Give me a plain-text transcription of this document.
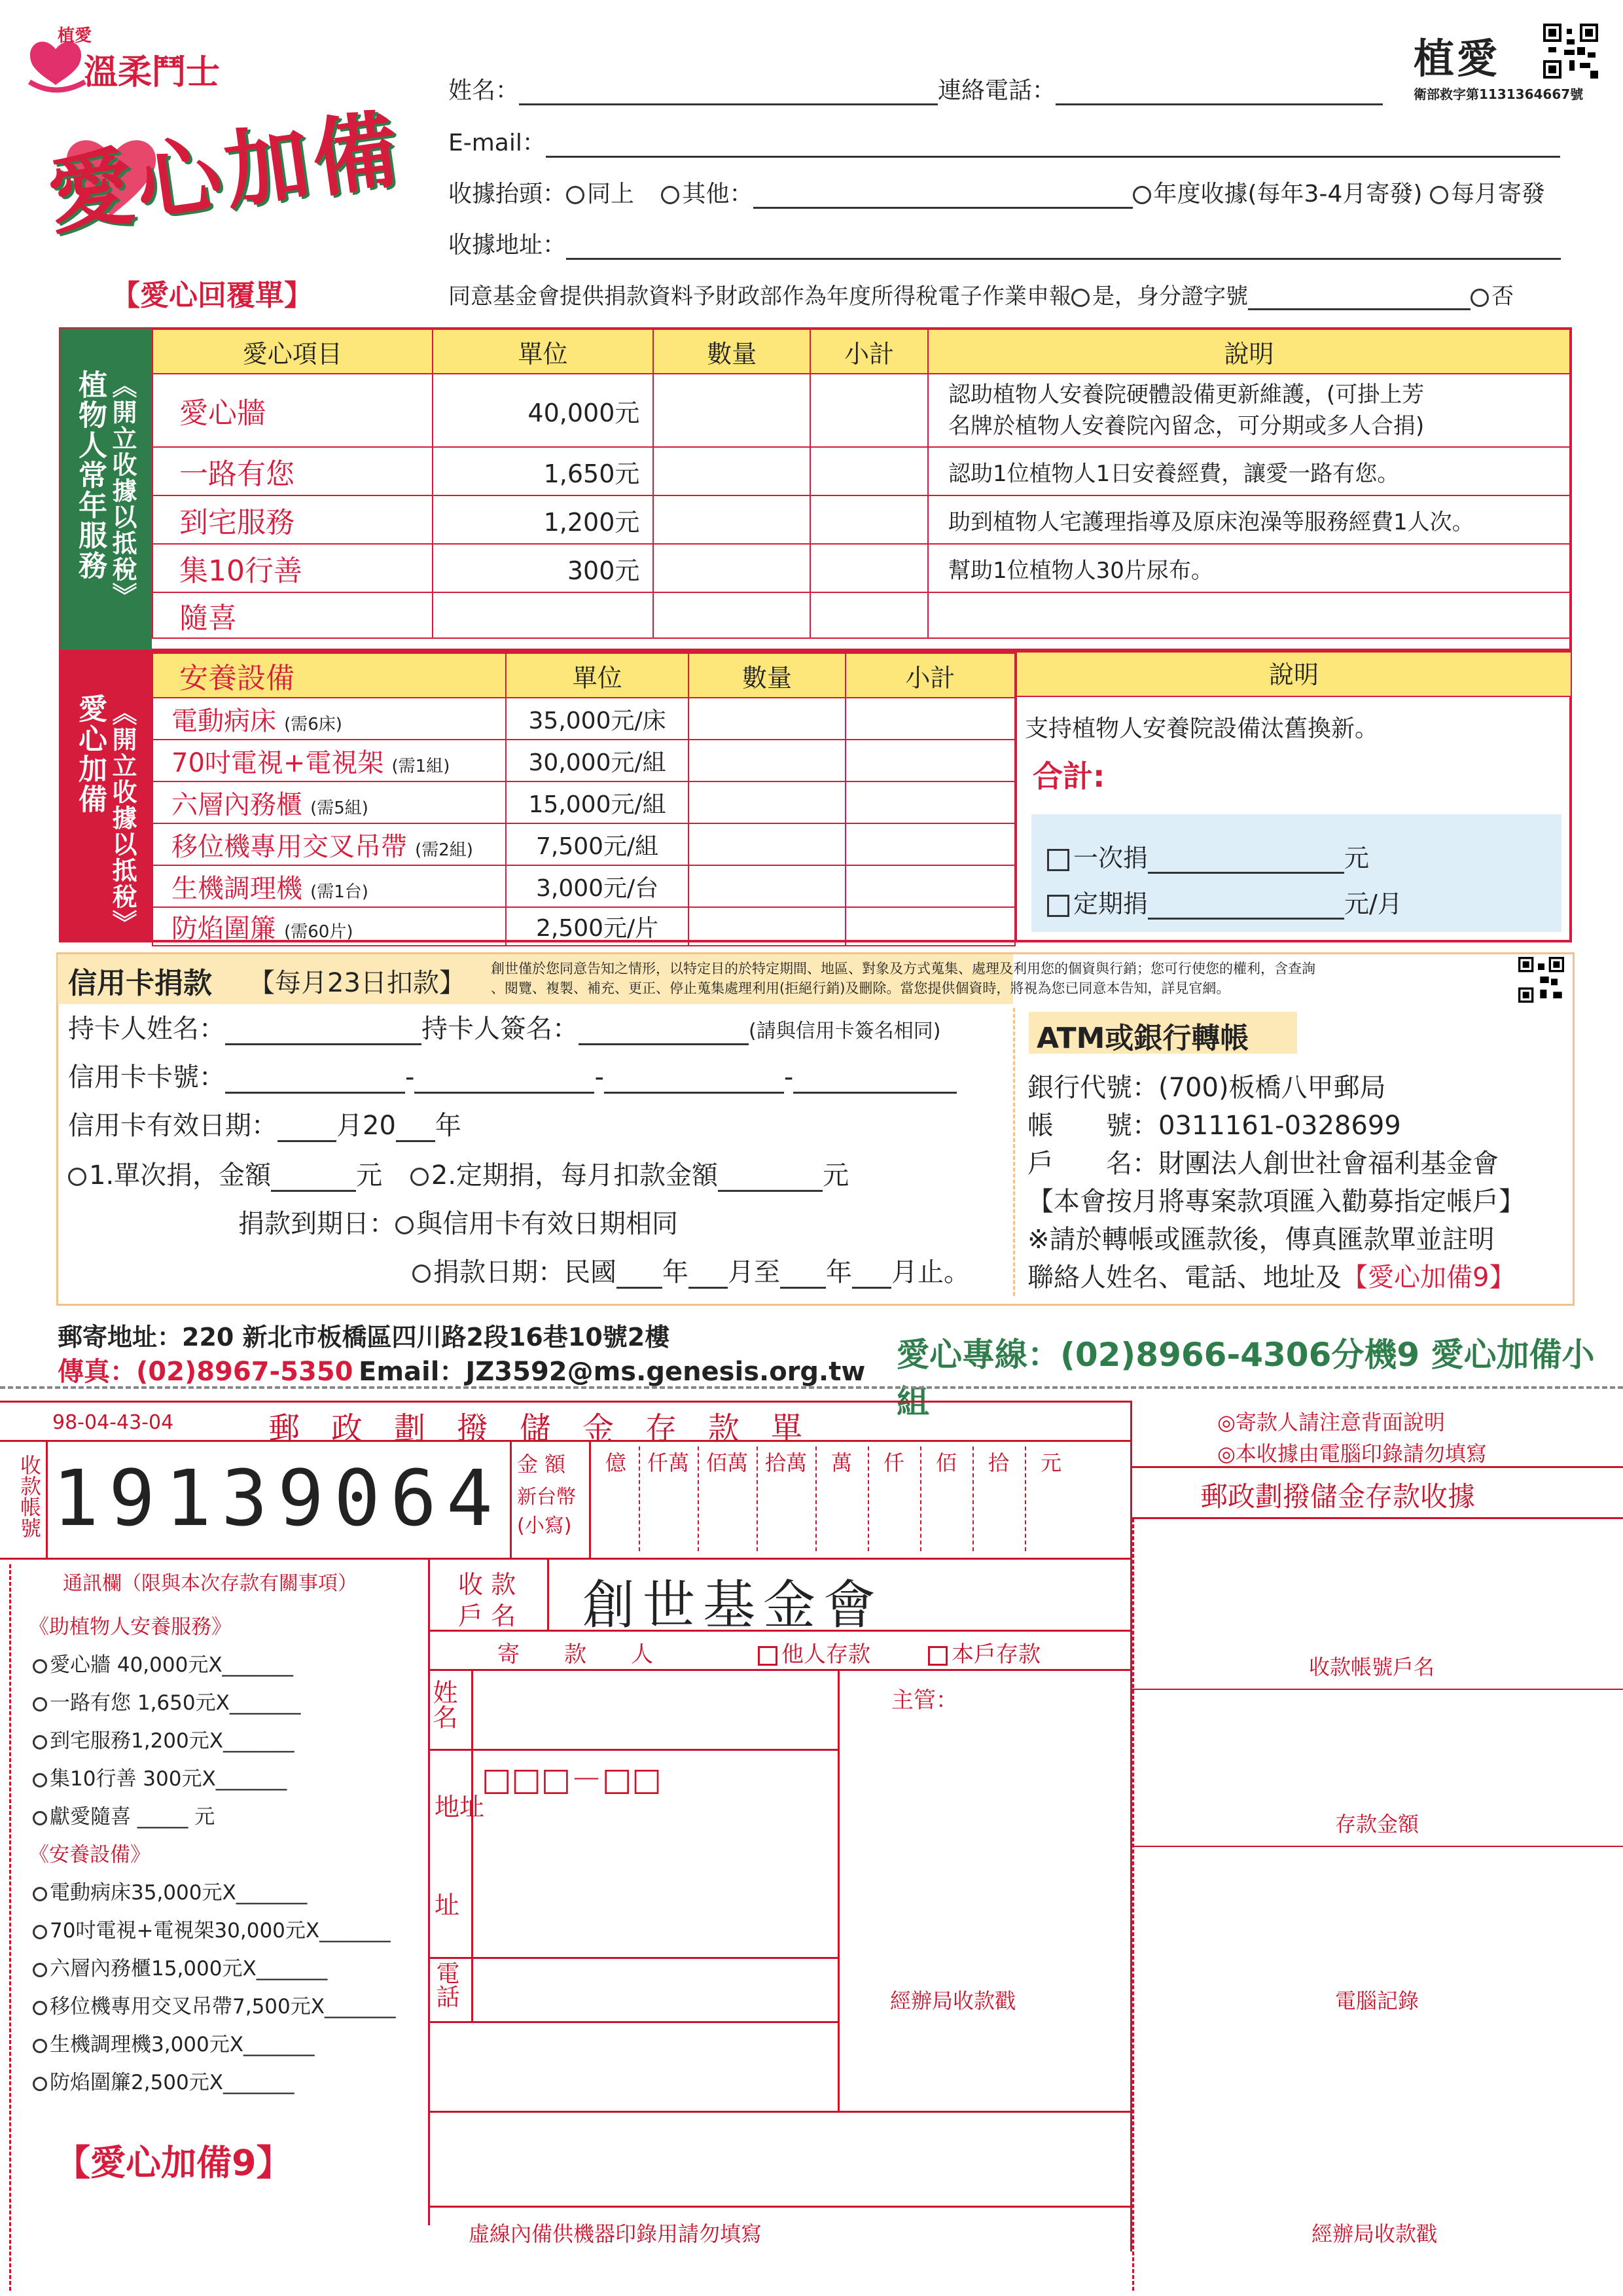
植愛
溫柔鬥士
愛心加備
【愛心回覆單】
姓名：	連絡電話：
E-mail：
收據抬頭： 同上 其他：	年度收據(每年3-4月寄發) 每月寄發
收據地址：
同意基金會提供捐款資料予財政部作為年度所得稅電子作業申報 是，身分證字號	否
植愛
衛部救字第1131364667號
植物人常年服務 《開立收據以抵稅》
愛心項目	單位	數量	小計	說明
愛心牆	40,000元			認助植物人安養院硬體設備更新維護，(可掛上芳
名牌於植物人安養院內留念，可分期或多人合捐)

一路有您	1,650元			認助1位植物人1日安養經費，讓愛一路有您。
到宅服務	1,200元			助到植物人宅護理指導及原床泡澡等服務經費1人次。
集10行善	300元			幫助1位植物人30片尿布。
隨喜				
愛心加備 《開立收據以抵稅》
安養設備	單位	數量	小計
電動病床 (需6床)	35,000元/床		
70吋電視+電視架 (需1組)	30,000元/組		
六層內務櫃 (需5組)	15,000元/組		
移位機專用交叉吊帶 (需2組)	7,500元/組		
生機調理機 (需1台)	3,000元/台		
防焰圍簾 (需60片)	2,500元/片		
說明
支持植物人安養院設備汰舊換新。
合計:
一次捐	元
定期捐	元/月
信用卡捐款 【每月23日扣款】 創世僅於您同意告知之情形，以特定目的於特定期間、地區、對象及方式蒐集、處理及利用您的個資與行銷；您可行使您的權利，含查詢
、閱覽、複製、補充、更正、停止蒐集處理利用(拒絕行銷)及刪除。當您提供個資時，將視為您已同意本告知，詳見官網。
持卡人姓名：	持卡人簽名：	(請與信用卡簽名相同)
信用卡卡號：	-	-	-
信用卡有效日期： 月20 年
1.單次捐，金額	元 2.定期捐，每月扣款金額	元
捐款到期日： 與信用卡有效日期相同
捐款日期：民國 年 月至 年 月止。
ATM或銀行轉帳
銀行代號：(700)板橋八甲郵局
帳　　號：0311161-0328699
戶　　名：財團法人創世社會福利基金會
【本會按月將專案款項匯入勸募指定帳戶】
※請於轉帳或匯款後，傳真匯款單並註明
聯絡人姓名、電話、地址及【愛心加備9】
郵寄地址：220 新北市板橋區四川路2段16巷10號2樓
傳真：(02)8967-5350 Email：JZ3592@ms.genesis.org.tw 愛心專線：(02)8966-4306分機9 愛心加備小組
98-04-43-04	郵　政　劃　撥　儲　金　存　款　單
收款帳號 1 9 1 3 9 0 6 4 金 額
新台幣
(小寫)
億 仟萬 佰萬 拾萬 萬 仟 佰 拾 元
◎寄款人請注意背面說明
◎本收據由電腦印錄請勿填寫
郵政劃撥儲金存款收據
收款帳號戶名
存款金額
電腦記錄
經辦局收款戳
通訊欄（限與本次存款有關事項）	收 款
戶 名 創世基金會
寄　　款　　人	他人存款	本戶存款
姓名
地址
址
□□□－□□
電話
主管：
經辦局收款戳
虛線內備供機器印錄用請勿填寫
《助植物人安養服務》
愛心牆 40,000元X_______
一路有您 1,650元X_______
到宅服務1,200元X_______
集10行善 300元X_______
獻愛隨喜 _____ 元
《安養設備》
電動病床35,000元X_______
70吋電視+電視架30,000元X_______
六層內務櫃15,000元X_______
移位機專用交叉吊帶7,500元X_______
生機調理機3,000元X_______
防焰圍簾2,500元X_______
【愛心加備9】
